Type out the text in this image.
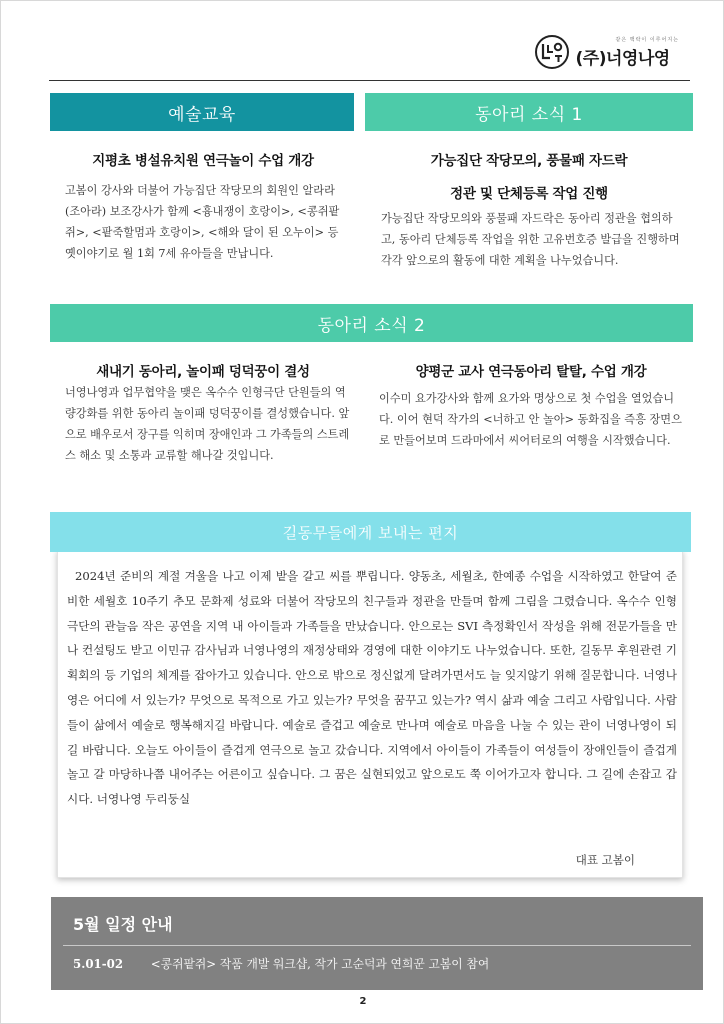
같은 맥락이 이루어지는
(주)너영나영
예술교육
지평초 병설유치원 연극놀이 수업 개강
고봄이 강사와 더불어 가능집단 작당모의 회원인 알라라(조아라) 보조강사가 함께 <흉내쟁이 호랑이>, <콩쥐팥쥐>, <팥죽할멈과 호랑이>, <해와 달이 된 오누이> 등 옛이야기로 월 1회 7세 유아들을 만납니다.
동아리 소식 1
가능집단 작당모의, 풍물패 자드락
정관 및 단체등록 작업 진행
가능집단 작당모의와 풍물패 자드락은 동아리 정관을 협의하고, 동아리 단체등록 작업을 위한 고유번호증 발급을 진행하며 각각 앞으로의 활동에 대한 계획을 나누었습니다.
동아리 소식 2
새내기 동아리, 놀이패 덩덕꿍이 결성
너영나영과 업무협약을 맺은 옥수수 인형극단 단원들의 역량강화를 위한 동아리 놀이패 덩덕꿍이를 결성했습니다. 앞으로 배우로서 장구를 익히며 장애인과 그 가족들의 스트레스 해소 및 소통과 교류할 해나갈 것입니다.
양평군 교사 연극동아리 탈탈, 수업 개강
이수미 요가강사와 함께 요가와 명상으로 첫 수업을 열었습니다. 이어 현덕 작가의 <너하고 안 놀아> 동화집을 즉흥 장면으로 만들어보며 드라마에서 씨어터로의 여행을 시작했습니다.
길동무들에게 보내는 편지
2024년 준비의 계절 겨울을 나고 이제 밭을 갈고 씨를 뿌립니다. 양동초, 세월초, 한예종 수업을 시작하였고 한달여 준비한 세월호 10주기 추모 문화제 성료와 더불어 작당모의 친구들과 정관을 만들며 함께 그림을 그렸습니다. 옥수수 인형극단의 관늘음 작은 공연을 지역 내 아이들과 가족들을 만났습니다. 안으로는 SVI 측정확인서 작성을 위해 전문가들을 만나 컨설팅도 받고 이민규 감사님과 너영나영의 재정상태와 경영에 대한 이야기도 나누었습니다. 또한, 길동무 후원관련 기획회의 등 기업의 체계를 잡아가고 있습니다. 안으로 밖으로 정신없게 달려가면서도 늘 잊지않기 위해 질문합니다. 너영나영은 어디에 서 있는가? 무엇으로 목적으로 가고 있는가? 무엇을 꿈꾸고 있는가? 역시 삶과 예술 그리고 사람입니다. 사람들이 삶에서 예술로 행복해지길 바랍니다. 예술로 즐겁고 예술로 만나며 예술로 마음을 나눌 수 있는 관이 너영나영이 되길 바랍니다. 오늘도 아이들이 즐겁게 연극으로 놀고 갔습니다. 지역에서 아이들이 가족들이 여성들이 장애인들이 즐겁게 놀고 갈 마당하나쯤 내어주는 어른이고 싶습니다. 그 꿈은 실현되었고 앞으로도 쭉 이어가고자 합니다. 그 길에 손잡고 갑시다. 너영나영 두리둥실
대표 고봄이
5월 일정 안내
5.01-02 <콩쥐팥쥐> 작품 개발 워크샵, 작가 고순덕과 연희꾼 고봄이 참여
2
